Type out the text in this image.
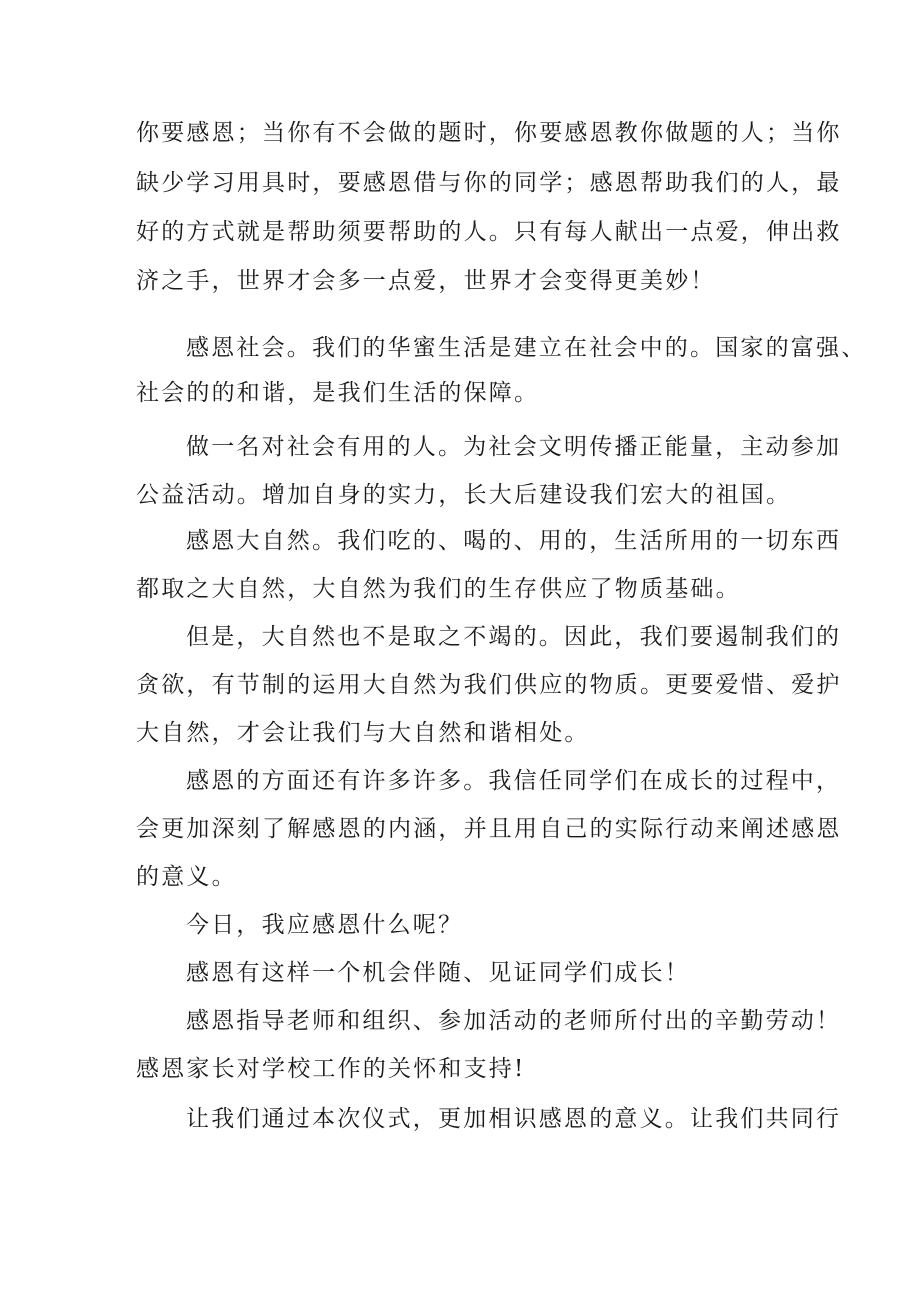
你要感恩；当你有不会做的题时，你要感恩教你做题的人；当你
缺少学习用具时，要感恩借与你的同学；感恩帮助我们的人，最
好的方式就是帮助须要帮助的人。只有每人献出一点爱，伸出救
济之手，世界才会多一点爱，世界才会变得更美妙！
感恩社会。我们的华蜜生活是建立在社会中的。国家的富强、
社会的的和谐，是我们生活的保障。
做一名对社会有用的人。为社会文明传播正能量，主动参加
公益活动。增加自身的实力，长大后建设我们宏大的祖国。
感恩大自然。我们吃的、喝的、用的，生活所用的一切东西
都取之大自然，大自然为我们的生存供应了物质基础。
但是，大自然也不是取之不竭的。因此，我们要遏制我们的
贪欲，有节制的运用大自然为我们供应的物质。更要爱惜、爱护
大自然，才会让我们与大自然和谐相处。
感恩的方面还有许多许多。我信任同学们在成长的过程中，
会更加深刻了解感恩的内涵，并且用自己的实际行动来阐述感恩
的意义。
今日，我应感恩什么呢？
感恩有这样一个机会伴随、见证同学们成长！
感恩指导老师和组织、参加活动的老师所付出的辛勤劳动！
感恩家长对学校工作的关怀和支持!
让我们通过本次仪式，更加相识感恩的意义。让我们共同行
